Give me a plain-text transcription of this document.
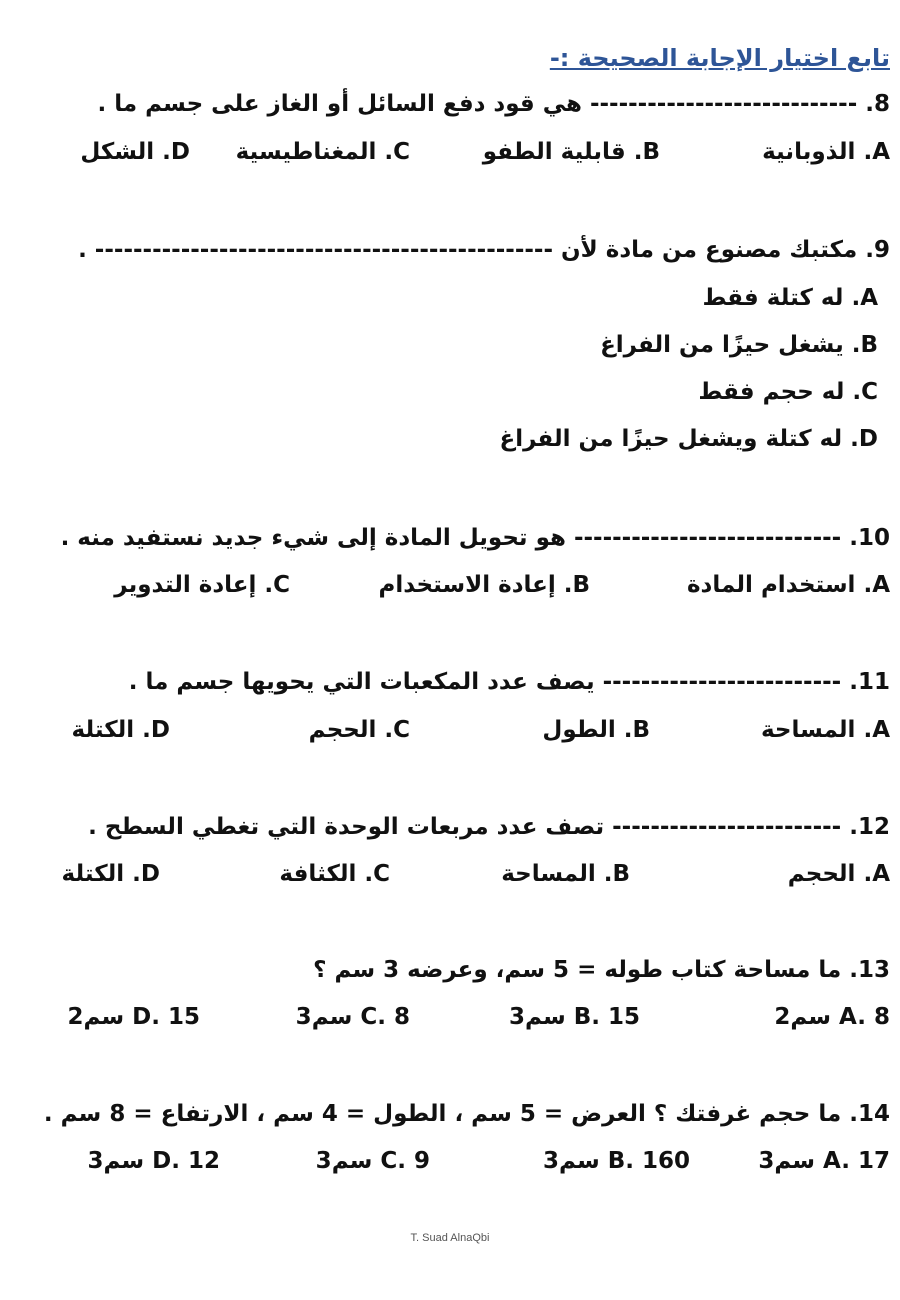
تابع اختيار الإجابة الصحيحة :-
8. ---------------------------- هي قود دفع السائل أو الغاز على جسم ما .
A. الذوبانية
B. قابلية الطفو
C. المغناطيسية
D. الشكل
9. مكتبك مصنوع من مادة لأن ------------------------------------------------ .
A. له كتلة فقط
B. يشغل حيزًا من الفراغ
C. له حجم فقط
D. له كتلة ويشغل حيزًا من الفراغ
10. ---------------------------- هو تحويل المادة إلى شيء جديد نستفيد منه .
A. استخدام المادة
B. إعادة الاستخدام
C. إعادة التدوير
11. ------------------------- يصف عدد المكعبات التي يحويها جسم ما .
A. المساحة
B. الطول
C. الحجم
D. الكتلة
12. ------------------------ تصف عدد مربعات الوحدة التي تغطي السطح .
A. الحجم
B. المساحة
C. الكثافة
D. الكتلة
13. ما مساحة كتاب طوله = 5 سم، وعرضه 3 سم ؟
A. 8 سم2
B. 15 سم3
C. 8 سم3
D. 15 سم2
14. ما حجم غرفتك ؟ العرض = 5 سم ، الطول = 4 سم ، الارتفاع = 8 سم .
A. 17 سم3
B. 160 سم3
C. 9 سم3
D. 12 سم3
T. Suad AlnaQbi
